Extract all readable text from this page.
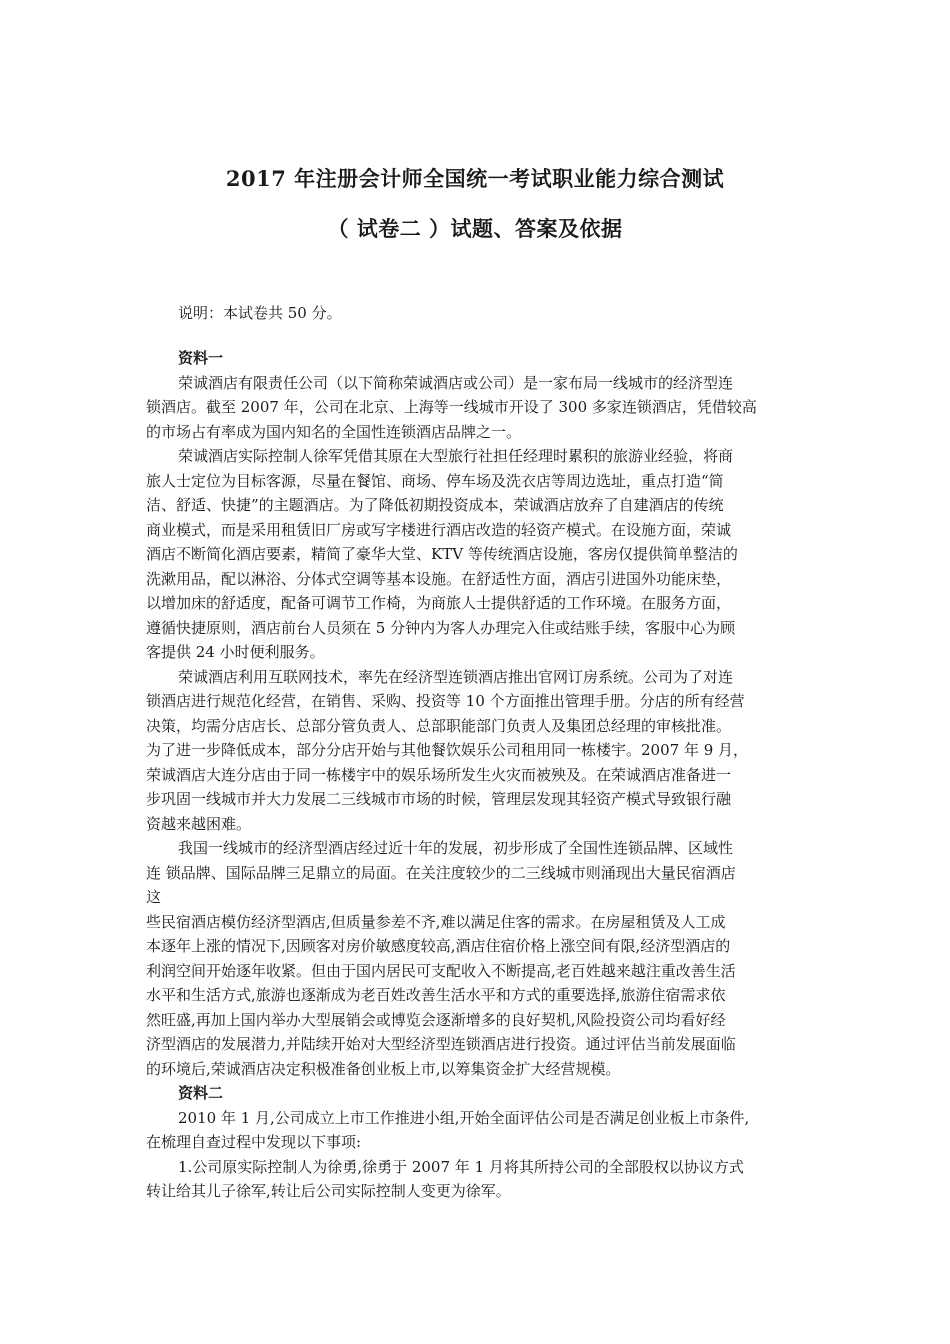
2017 年注册会计师全国统一考试职业能力综合测试
（ 试卷二 ）试题、答案及依据
说明：本试卷共 50 分。
资料一
荣诚酒店有限责任公司（以下简称荣诚酒店或公司）是一家布局一线城市的经济型连
锁酒店。截至 2007 年，公司在北京、上海等一线城市开设了 300 多家连锁酒店，凭借较高
的市场占有率成为国内知名的全国性连锁酒店品牌之一。
荣诚酒店实际控制人徐军凭借其原在大型旅行社担任经理时累积的旅游业经验，将商
旅人士定位为目标客源，尽量在餐馆、商场、停车场及洗衣店等周边选址，重点打造“简
洁、舒适、快捷”的主题酒店。为了降低初期投资成本，荣诚酒店放弃了自建酒店的传统
商业模式，而是采用租赁旧厂房或写字楼进行酒店改造的轻资产模式。在设施方面，荣诚
酒店不断简化酒店要素，精简了豪华大堂、KTV 等传统酒店设施，客房仅提供简单整洁的
洗漱用品，配以淋浴、分体式空调等基本设施。在舒适性方面，酒店引进国外功能床垫，
以增加床的舒适度，配备可调节工作椅，为商旅人士提供舒适的工作环境。在服务方面，
遵循快捷原则，酒店前台人员须在 5 分钟内为客人办理完入住或结账手续，客服中心为顾
客提供 24 小时便利服务。
荣诚酒店利用互联网技术，率先在经济型连锁酒店推出官网订房系统。公司为了对连
锁酒店进行规范化经营，在销售、采购、投资等 10 个方面推出管理手册。分店的所有经营
决策，均需分店店长、总部分管负责人、总部职能部门负责人及集团总经理的审核批准。
为了进一步降低成本，部分分店开始与其他餐饮娱乐公司租用同一栋楼宇。2007 年 9 月，
荣诚酒店大连分店由于同一栋楼宇中的娱乐场所发生火灾而被殃及。在荣诚酒店准备进一
步巩固一线城市并大力发展二三线城市市场的时候，管理层发现其轻资产模式导致银行融
资越来越困难。
我国一线城市的经济型酒店经过近十年的发展，初步形成了全国性连锁品牌、区域性
连 锁品牌、国际品牌三足鼎立的局面。在关注度较少的二三线城市则涌现出大量民宿酒店
这
些民宿酒店模仿经济型酒店,但质量参差不齐,难以满足住客的需求。在房屋租赁及人工成
本逐年上涨的情况下,因顾客对房价敏感度较高,酒店住宿价格上涨空间有限,经济型酒店的
利润空间开始逐年收紧。但由于国内居民可支配收入不断提高,老百姓越来越注重改善生活
水平和生活方式,旅游也逐渐成为老百姓改善生活水平和方式的重要选择,旅游住宿需求依
然旺盛,再加上国内举办大型展销会或博览会逐渐增多的良好契机,风险投资公司均看好经
济型酒店的发展潜力,并陆续开始对大型经济型连锁酒店进行投资。通过评估当前发展面临
的环境后,荣诚酒店决定积极准备创业板上市,以筹集资金扩大经营规模。
资料二
2010 年 1 月,公司成立上市工作推进小组,开始全面评估公司是否满足创业板上市条件,
在梳理自查过程中发现以下事项:
1.公司原实际控制人为徐勇,徐勇于 2007 年 1 月将其所持公司的全部股权以协议方式
转让给其儿子徐军,转让后公司实际控制人变更为徐军。
